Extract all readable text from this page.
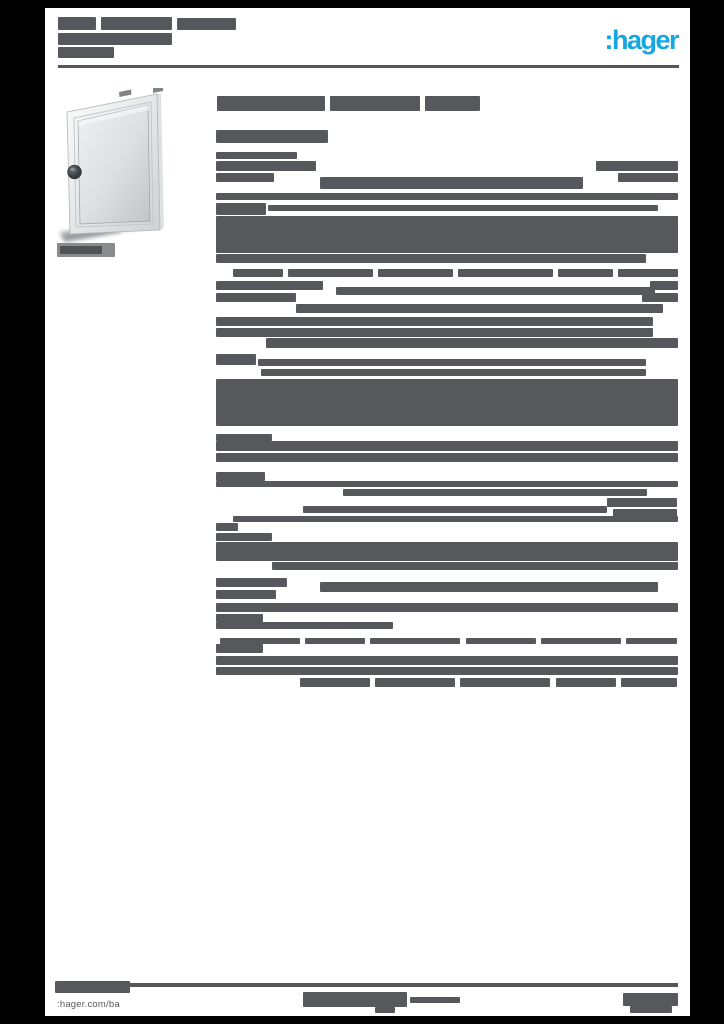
:hager
:hager.com/ba
